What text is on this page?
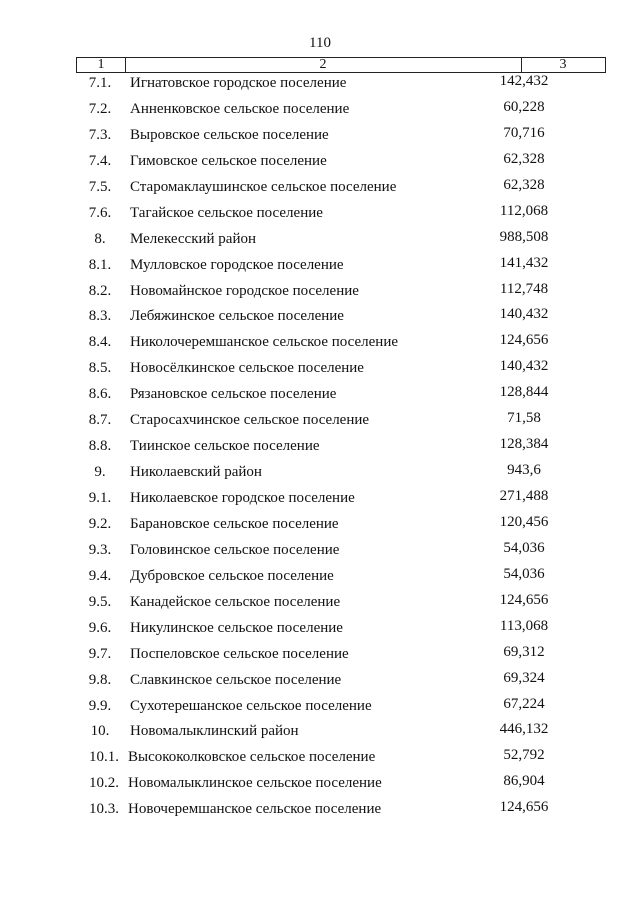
110
1	2	3
7.1.	Игнатовское городское поселение	142,432
7.2.	Анненковское сельское поселение	60,228
7.3.	Выровское сельское поселение	70,716
7.4.	Гимовское сельское поселение	62,328
7.5.	Старомаклаушинское сельское поселение	62,328
7.6.	Тагайское сельское поселение	112,068
8.	Мелекесский район	988,508
8.1.	Мулловское городское поселение	141,432
8.2.	Новомайнское городское поселение	112,748
8.3.	Лебяжинское сельское поселение	140,432
8.4.	Николочеремшанское сельское поселение	124,656
8.5.	Новосёлкинское сельское поселение	140,432
8.6.	Рязановское сельское поселение	128,844
8.7.	Старосахчинское сельское поселение	71,58
8.8.	Тиинское сельское поселение	128,384
9.	Николаевский район	943,6
9.1.	Николаевское городское поселение	271,488
9.2.	Барановское сельское поселение	120,456
9.3.	Головинское сельское поселение	54,036
9.4.	Дубровское сельское поселение	54,036
9.5.	Канадейское сельское поселение	124,656
9.6.	Никулинское сельское поселение	113,068
9.7.	Поспеловское сельское поселение	69,312
9.8.	Славкинское сельское поселение	69,324
9.9.	Сухотерешанское сельское поселение	67,224
10.	Новомалыклинский район	446,132
10.1. Высококолковское сельское поселение	52,792
10.2. Новомалыклинское сельское поселение	86,904
10.3. Новочеремшанское сельское поселение	124,656
